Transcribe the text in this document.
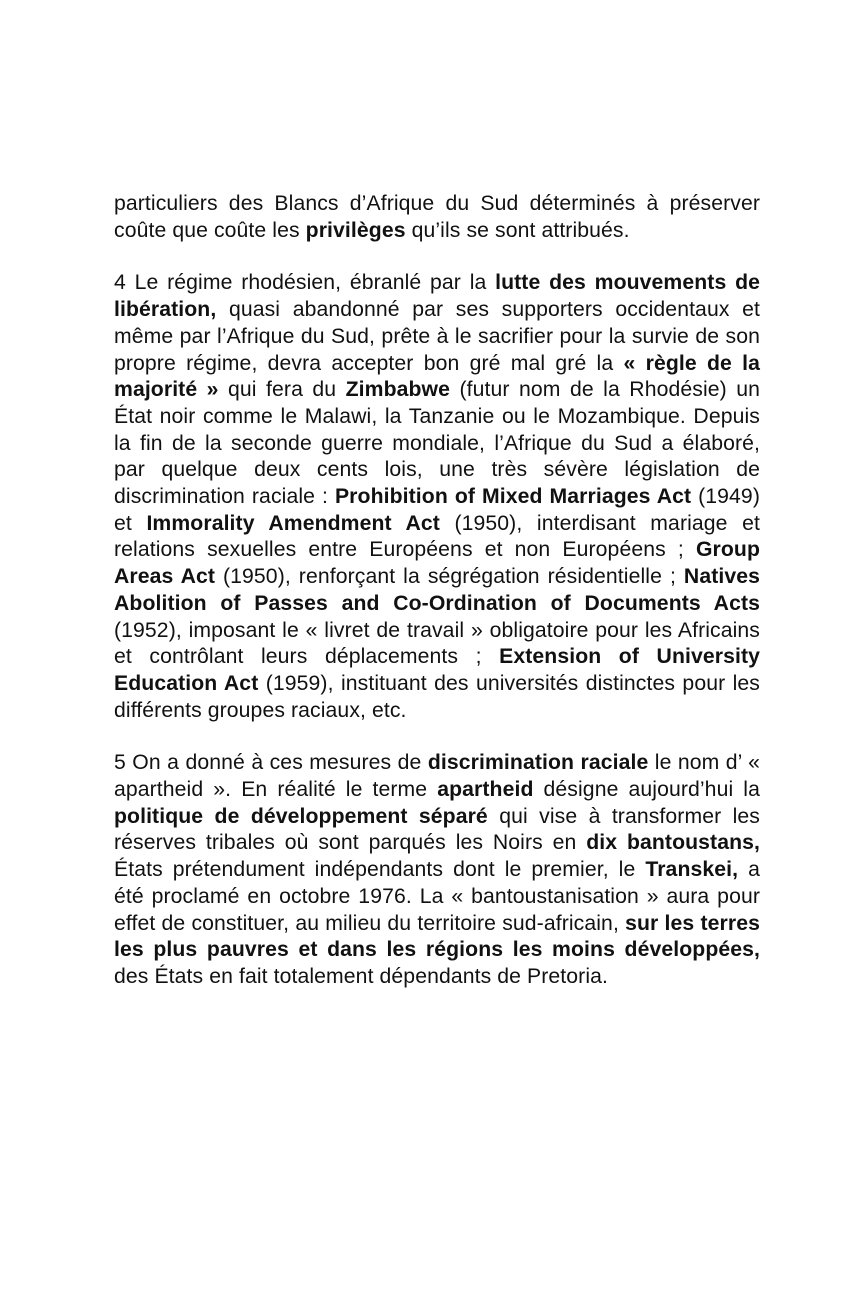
particuliers des Blancs d’Afrique du Sud déterminés à préserver coûte que coûte les privilèges qu’ils se sont attribués.

4 Le régime rhodésien, ébranlé par la lutte des mouvements de libération, quasi abandonné par ses supporters occidentaux et même par l’Afrique du Sud, prête à le sacrifier pour la survie de son propre régime, devra accepter bon gré mal gré la « règle de la majorité » qui fera du Zimbabwe (futur nom de la Rhodésie) un État noir comme le Malawi, la Tanzanie ou le Mozambique. Depuis la fin de la seconde guerre mondiale, l’Afrique du Sud a élaboré, par quelque deux cents lois, une très sévère législation de discrimination raciale : Prohibition of Mixed Marriages Act (1949) et Immorality Amendment Act (1950), interdisant mariage et relations sexuelles entre Européens et non Européens ; Group Areas Act (1950), renforçant la ségrégation résidentielle ; Natives Abolition of Passes and Co-Ordination of Documents Acts (1952), imposant le « livret de travail » obligatoire pour les Africains et contrôlant leurs déplacements ; Extension of University Education Act (1959), instituant des universités distinctes pour les différents groupes raciaux, etc.

5 On a donné à ces mesures de discrimination raciale le nom d’ « apartheid ». En réalité le terme apartheid désigne aujourd’hui la politique de développement séparé qui vise à transformer les réserves tribales où sont parqués les Noirs en dix bantoustans, États prétendument indépendants dont le premier, le Transkei, a été proclamé en octobre 1976. La « bantoustanisation » aura pour effet de constituer, au milieu du territoire sud-africain, sur les terres les plus pauvres et dans les régions les moins développées, des États en fait totalement dépendants de Pretoria.
